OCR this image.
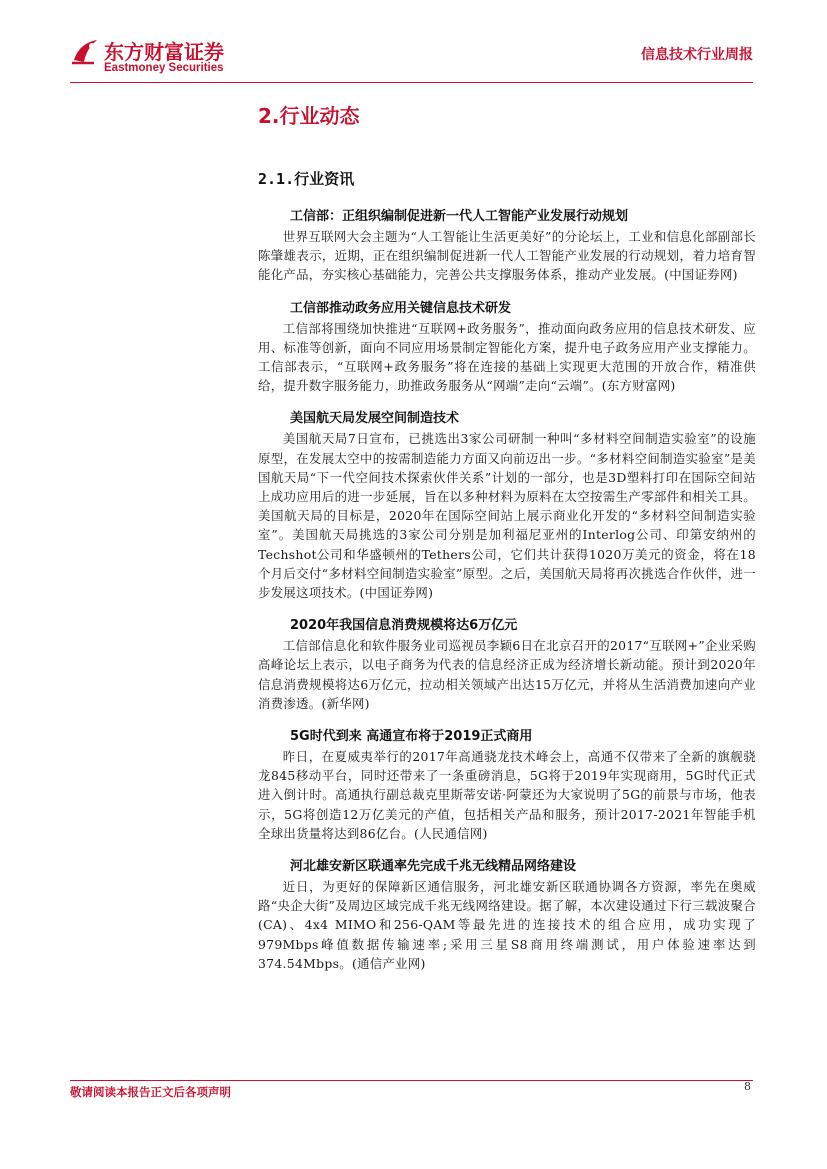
东方财富证券
Eastmoney Securities
信息技术行业周报
2.行业动态
2.1.行业资讯
工信部：正组织编制促进新一代人工智能产业发展行动规划
世界互联网大会主题为“人工智能让生活更美好”的分论坛上，工业和信息化部副部长陈肇雄表示，近期，正在组织编制促进新一代人工智能产业发展的行动规划，着力培育智能化产品，夯实核心基础能力，完善公共支撑服务体系，推动产业发展。(中国证券网)
工信部推动政务应用关键信息技术研发
工信部将围绕加快推进“互联网+政务服务”，推动面向政务应用的信息技术研发、应用、标准等创新，面向不同应用场景制定智能化方案，提升电子政务应用产业支撑能力。工信部表示，“互联网+政务服务”将在连接的基础上实现更大范围的开放合作，精准供给，提升数字服务能力，助推政务服务从“网端”走向“云端”。(东方财富网)
美国航天局发展空间制造技术
美国航天局7日宣布，已挑选出3家公司研制一种叫“多材料空间制造实验室”的设施原型，在发展太空中的按需制造能力方面又向前迈出一步。“多材料空间制造实验室”是美国航天局“下一代空间技术探索伙伴关系”计划的一部分，也是3D塑料打印在国际空间站上成功应用后的进一步延展，旨在以多种材料为原料在太空按需生产零部件和相关工具。美国航天局的目标是，2020年在国际空间站上展示商业化开发的“多材料空间制造实验室”。美国航天局挑选的3家公司分别是加利福尼亚州的Interlog公司、印第安纳州的Techshot公司和华盛顿州的Tethers公司，它们共计获得1020万美元的资金，将在18个月后交付“多材料空间制造实验室”原型。之后，美国航天局将再次挑选合作伙伴，进一步发展这项技术。(中国证券网)
2020年我国信息消费规模将达6万亿元
工信部信息化和软件服务业司巡视员李颖6日在北京召开的2017“互联网+”企业采购高峰论坛上表示，以电子商务为代表的信息经济正成为经济增长新动能。预计到2020年信息消费规模将达6万亿元，拉动相关领域产出达15万亿元，并将从生活消费加速向产业消费渗透。(新华网)
5G时代到来 高通宣布将于2019正式商用
昨日，在夏威夷举行的2017年高通骁龙技术峰会上，高通不仅带来了全新的旗舰骁龙845移动平台，同时还带来了一条重磅消息，5G将于2019年实现商用，5G时代正式进入倒计时。高通执行副总裁克里斯蒂安诺·阿蒙还为大家说明了5G的前景与市场，他表示，5G将创造12万亿美元的产值，包括相关产品和服务，预计2017-2021年智能手机全球出货量将达到86亿台。(人民通信网)
河北雄安新区联通率先完成千兆无线精品网络建设
近日，为更好的保障新区通信服务，河北雄安新区联通协调各方资源，率先在奥威路“央企大街”及周边区域完成千兆无线网络建设。据了解，本次建设通过下行三载波聚合(CA)、4x4 MIMO和256-QAM等最先进的连接技术的组合应用，成功实现了979Mbps峰值数据传输速率;采用三星S8商用终端测试，用户体验速率达到374.54Mbps。(通信产业网)
敬请阅读本报告正文后各项声明	8
